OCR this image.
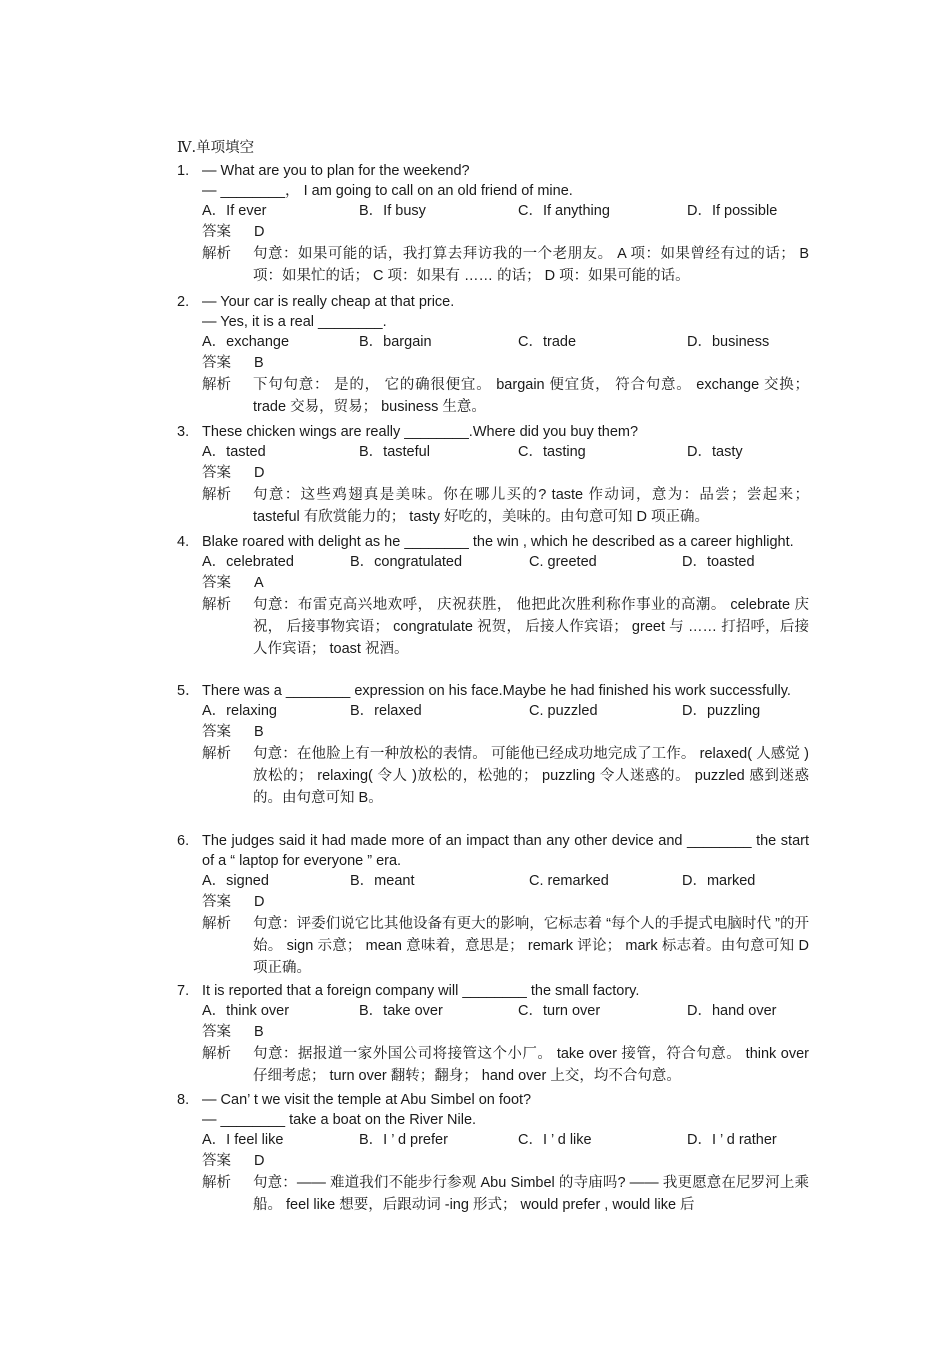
Ⅳ.单项填空
1. — What are you to plan for the weekend?
— ________， I am going to call on an old friend of mine.
A．If ever	B．If busy	C．If anything	D．If possible
答案 D
解析 句意：如果可能的话，我打算去拜访我的一个老朋友。 A 项：如果曾经有过的话； B 项：如果忙的话； C 项：如果有 …… 的话； D 项：如果可能的话。
2. — Your car is really cheap at that price.
— Yes, it is a real ________.
A．exchange	B．bargain	C．trade	D．business
答案 B
解析 下句句意： 是的， 它的确很便宜。 bargain 便宜货， 符合句意。 exchange 交换； trade 交易，贸易； business 生意。
3. These chicken wings are really ________.Where did you buy them?
A．tasted	B．tasteful	C．tasting	D．tasty
答案 D
解析 句意：这些鸡翅真是美味。你在哪儿买的? taste 作动词，意为：品尝；尝起来； tasteful 有欣赏能力的； tasty 好吃的，美味的。由句意可知 D 项正确。
4. Blake roared with delight as he ________ the win , which he described as a career highlight.
A．celebrated	B．congratulated	C. greeted	D．toasted
答案 A
解析 句意：布雷克高兴地欢呼， 庆祝获胜， 他把此次胜利称作事业的高潮。 celebrate 庆祝， 后接事物宾语； congratulate 祝贺， 后接人作宾语； greet 与 …… 打招呼，后接人作宾语； toast 祝酒。
5． There was a ________ expression on his face.Maybe he had finished his work successfully.
A．relaxing	B．relaxed	C. puzzled	D．puzzling
答案 B
解析 句意：在他脸上有一种放松的表情。 可能他已经成功地完成了工作。 relaxed( 人感觉 )放松的； relaxing( 令人 )放松的，松弛的； puzzling 令人迷惑的。 puzzled 感到迷惑的。由句意可知 B。
6. The judges said it had made more of an impact than any other device and ________ the start of a “ laptop for everyone ” era.
A．signed	B．meant	C. remarked	D．marked
答案 D
解析 句意：评委们说它比其他设备有更大的影响，它标志着 “每个人的手提式电脑时代 ”的开始。 sign 示意； mean 意味着，意思是； remark 评论； mark 标志着。由句意可知 D 项正确。
7. It is reported that a foreign company will ________ the small factory.
A．think over	B．take over	C．turn over	D．hand over
答案 B
解析 句意：据报道一家外国公司将接管这个小厂。 take over 接管，符合句意。 think over 仔细考虑； turn over 翻转；翻身； hand over 上交，均不合句意。
8. — Can’ t we visit the temple at Abu Simbel on foot?
— ________ take a boat on the River Nile.
A．I feel like	B．I ’ d prefer	C．I ’ d like	D．I ’ d rather
答案 D
解析 句意：—— 难道我们不能步行参观 Abu Simbel 的寺庙吗? —— 我更愿意在尼罗河上乘船。 feel like 想要，后跟动词 -ing 形式； would prefer , would like 后
